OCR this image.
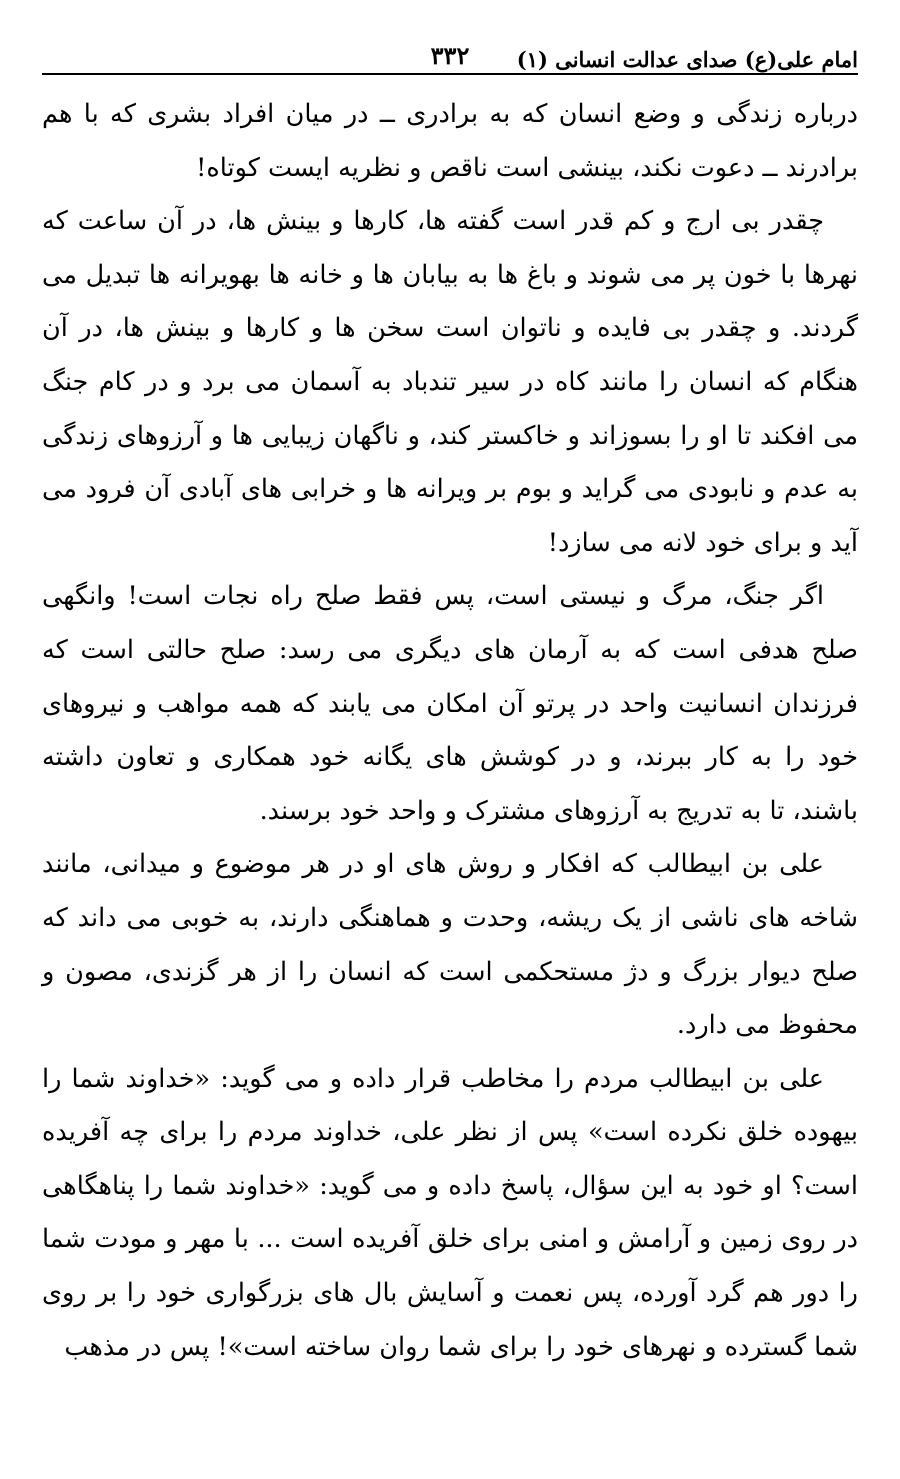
امام علی(ع) صدای عدالت انسانی (۱)
۳۳۲

درباره زندگی و وضع انسان که به برادری ــ در میان افراد بشری که با هم برادرند ــ دعوت نکند، بینشی است ناقص و نظریه ایست کوتاه!

چقدر بی ارج و کم قدر است گفته ها، کارها و بینش ها، در آن ساعت که نهرها با خون پر می شوند و باغ ها به بیابان ها و خانه ها بهویرانه ها تبدیل می گردند. و چقدر بی فایده و ناتوان است سخن ها و کارها و بینش ها، در آن هنگام که انسان را مانند کاه در سیر تندباد به آسمان می برد و در کام جنگ می افکند تا او را بسوزاند و خاکستر کند، و ناگهان زیبایی ها و آرزوهای زندگی به عدم و نابودی می گراید و بوم بر ویرانه ها و خرابی های آبادی آن فرود می آید و برای خود لانه می سازد!

اگر جنگ، مرگ و نیستی است، پس فقط صلح راه نجات است! وانگهی صلح هدفی است که به آرمان های دیگری می رسد: صلح حالتی است که فرزندان انسانیت واحد در پرتو آن امکان می یابند که همه مواهب و نیروهای خود را به کار ببرند، و در کوشش های یگانه خود همکاری و تعاون داشته باشند، تا به تدریج به آرزوهای مشترک و واحد خود برسند.

علی بن ابیطالب که افکار و روش های او در هر موضوع و میدانی، مانند شاخه های ناشی از یک ریشه، وحدت و هماهنگی دارند، به خوبی می داند که صلح دیوار بزرگ و دژ مستحکمی است که انسان را از هر گزندی، مصون و محفوظ می دارد.

علی بن ابیطالب مردم را مخاطب قرار داده و می گوید: «خداوند شما را بیهوده خلق نکرده است» پس از نظر علی، خداوند مردم را برای چه آفریده است؟ او خود به این سؤال، پاسخ داده و می گوید: «خداوند شما را پناهگاهی در روی زمین و آرامش و امنی برای خلق آفریده است ... با مهر و مودت شما را دور هم گرد آورده، پس نعمت و آسایش بال های بزرگواری خود را بر روی شما گسترده و نهرهای خود را برای شما روان ساخته است»! پس در مذهب
